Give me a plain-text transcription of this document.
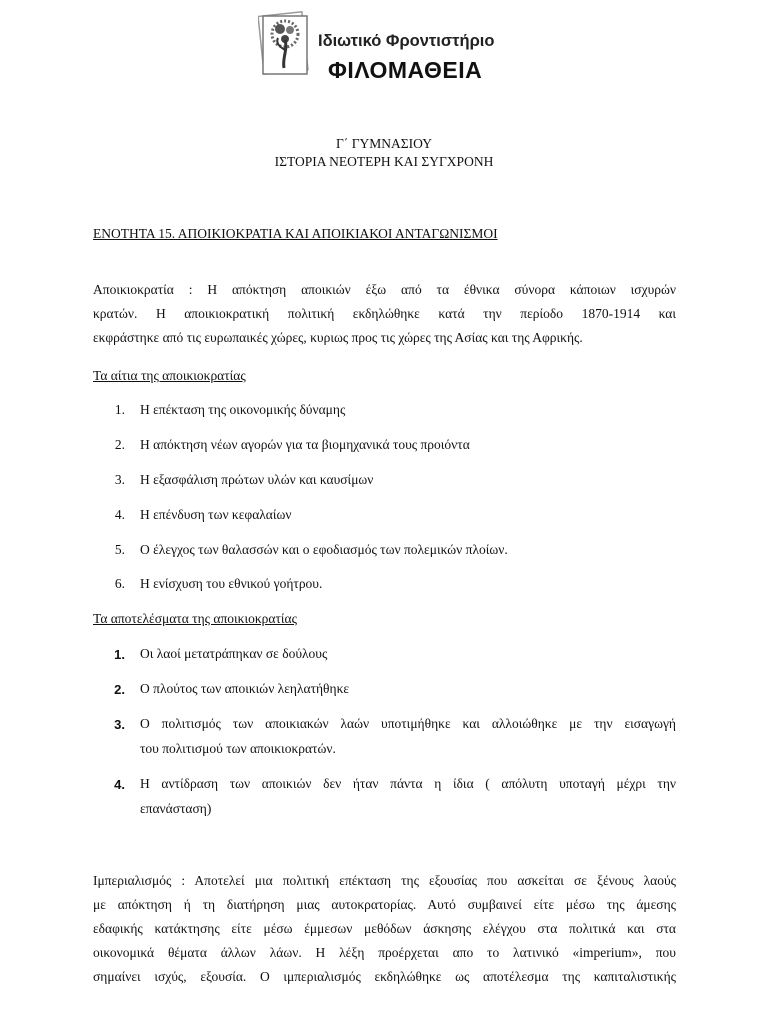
Ιδιωτικό Φροντιστήριο
ΦΙΛΟΜΑΘΕΙΑ
Γ΄ ΓΥΜΝΑΣΙΟΥ
ΙΣΤΟΡΙΑ ΝΕΟΤΕΡΗ ΚΑΙ ΣΥΓΧΡΟΝΗ
ΕΝΟΤΗΤΑ 15. ΑΠΟΙΚΙΟΚΡΑΤΙΑ ΚΑΙ ΑΠΟΙΚΙΑΚΟΙ ΑΝΤΑΓΩΝΙΣΜΟΙ
Αποικιοκρατία : Η απόκτηση αποικιών έξω από τα έθνικα σύνορα κάποιων ισχυρών
κρατών. Η αποικιοκρατική πολιτική εκδηλώθηκε κατά την περίοδο 1870-1914 και
εκφράστηκε από τις ευρωπαικές χώρες, κυριως προς τις χώρες της Ασίας και της Αφρικής.
Τα αίτια της αποικιοκρατίας
1. Η επέκταση της οικονομικής δύναμης
2. Η απόκτηση νέων αγορών για τα βιομηχανικά τους προιόντα
3. Η εξασφάλιση πρώτων υλών και καυσίμων
4. Η επένδυση των κεφαλαίων
5. Ο έλεγχος των θαλασσών και ο εφοδιασμός των πολεμικών πλοίων.
6. Η ενίσχυση του εθνικού γοήτρου.
Τα αποτελέσματα της αποικιοκρατίας
1. Οι λαοί μετατράπηκαν σε δούλους
2. Ο πλούτος των αποικιών λεηλατήθηκε
3. Ο πολιτισμός των αποικιακών λαών υποτιμήθηκε και αλλοιώθηκε με την εισαγωγή
του πολιτισμού των αποικιοκρατών.
4. Η αντίδραση των αποικιών δεν ήταν πάντα η ίδια ( απόλυτη υποταγή μέχρι την
επανάσταση)
Ιμπεριαλισμός : Αποτελεί μια πολιτική επέκταση της εξουσίας που ασκείται σε ξένους λαούς
με απόκτηση ή τη διατήρηση μιας αυτοκρατορίας. Αυτό συμβαινεί είτε μέσω της άμεσης
εδαφικής κατάκτησης είτε μέσω έμμεσων μεθόδων άσκησης ελέγχου στα πολιτικά και στα
οικονομικά θέματα άλλων λάων. Η λέξη προέρχεται απο το λατινικό «imperium», που
σημαίνει ισχύς, εξουσία. Ο ιμπεριαλισμός εκδηλώθηκε ως αποτέλεσμα της καπιταλιστικής
